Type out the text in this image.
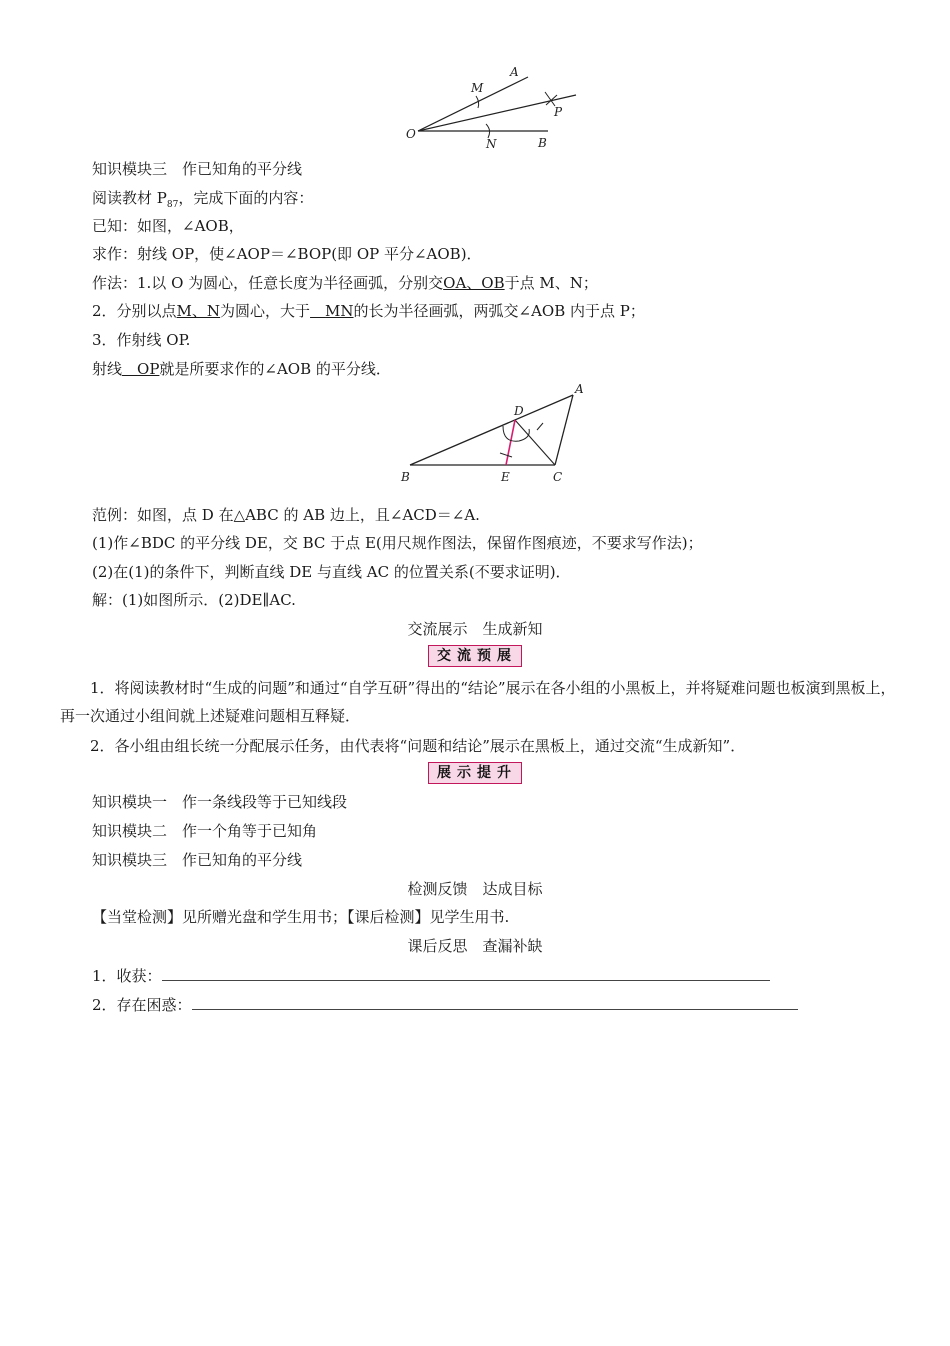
M
A
P
O
N	B
知识模块三　作已知角的平分线
阅读教材 $P_{87}$，完成下面的内容：
已知：如图，∠AOB，
求作：射线 OP，使∠AOP＝∠BOP(即 OP 平分∠AOB)．
作法：1.以 O 为圆心，任意长度为半径画弧，分别交OA、OB于点 M、N；
2．分别以点M、N为圆心，大于  MN的长为半径画弧，两弧交∠AOB 内于点 P；
3．作射线 OP.
射线  OP就是所要求作的∠AOB 的平分线．
A
D
B	E	C
范例：如图，点 D 在△ABC 的 AB 边上，且∠ACD＝∠A.
(1)作∠BDC 的平分线 DE，交 BC 于点 E(用尺规作图法，保留作图痕迹，不要求写作法)；
(2)在(1)的条件下，判断直线 DE 与直线 AC 的位置关系(不要求证明)．
解：(1)如图所示．(2)DE∥AC.
交流展示　生成新知
交流预展
1．将阅读教材时“生成的问题”和通过“自学互研”得出的“结论”展示在各小组的小黑板上，并将疑难问题也板演到黑板上，再一次通过小组间就上述疑难问题相互释疑．
2．各小组由组长统一分配展示任务，由代表将“问题和结论”展示在黑板上，通过交流“生成新知”．
展示提升
知识模块一　作一条线段等于已知线段
知识模块二　作一个角等于已知角
知识模块三　作已知角的平分线
检测反馈　达成目标
【当堂检测】见所赠光盘和学生用书；【课后检测】见学生用书.
课后反思　查漏补缺
1．收获：
2．存在困惑：
